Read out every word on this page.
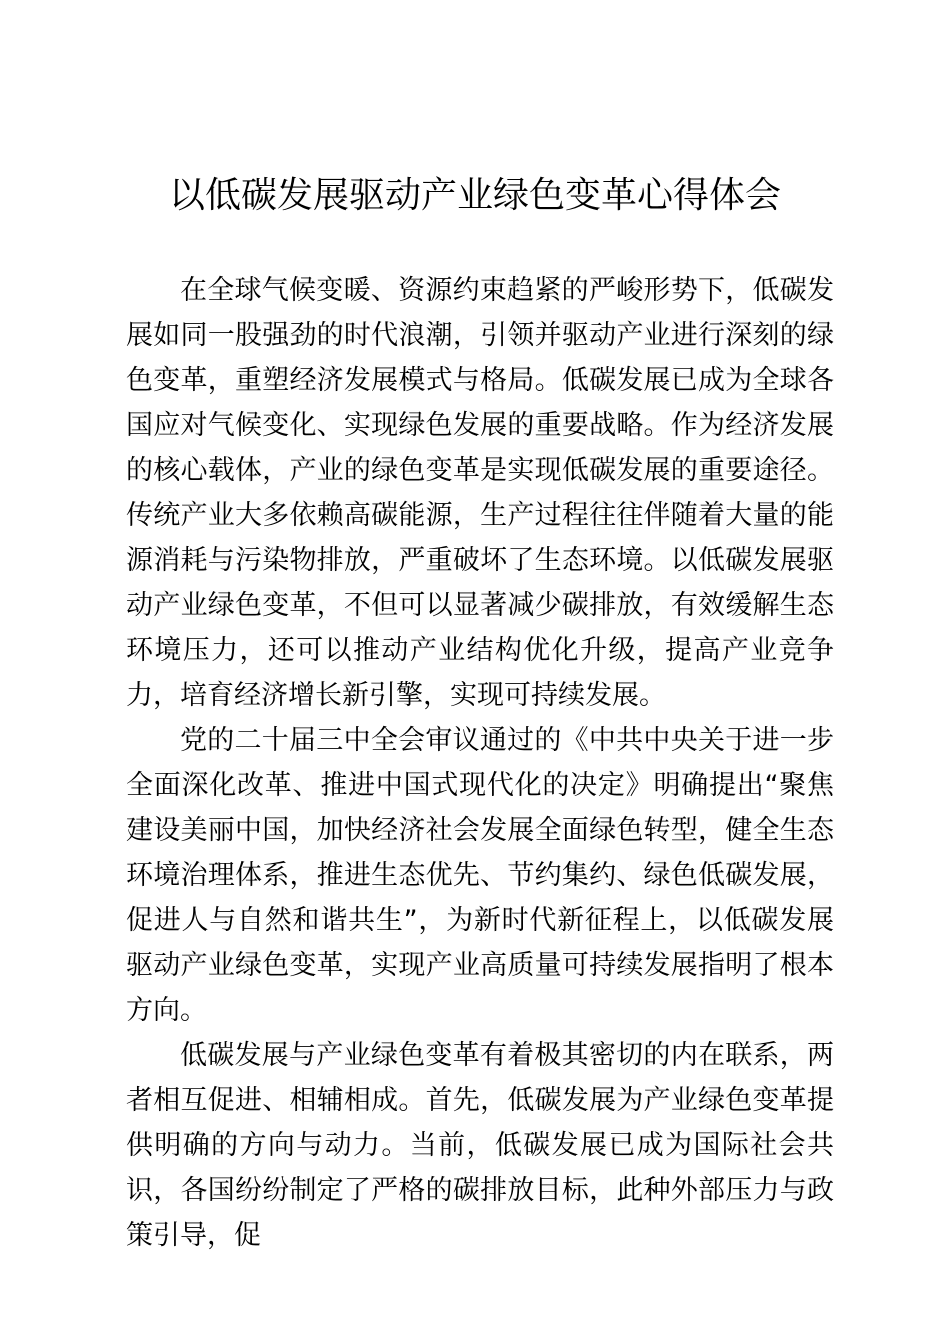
以低碳发展驱动产业绿色变革心得体会

在全球气候变暖、资源约束趋紧的严峻形势下，低碳发展如同一股强劲的时代浪潮，引领并驱动产业进行深刻的绿色变革，重塑经济发展模式与格局。低碳发展已成为全球各国应对气候变化、实现绿色发展的重要战略。作为经济发展的核心载体，产业的绿色变革是实现低碳发展的重要途径。传统产业大多依赖高碳能源，生产过程往往伴随着大量的能源消耗与污染物排放，严重破坏了生态环境。以低碳发展驱动产业绿色变革，不但可以显著减少碳排放，有效缓解生态环境压力，还可以推动产业结构优化升级，提高产业竞争力，培育经济增长新引擎，实现可持续发展。

党的二十届三中全会审议通过的《中共中央关于进一步全面深化改革、推进中国式现代化的决定》明确提出“聚焦建设美丽中国，加快经济社会发展全面绿色转型，健全生态环境治理体系，推进生态优先、节约集约、绿色低碳发展，促进人与自然和谐共生”，为新时代新征程上，以低碳发展驱动产业绿色变革，实现产业高质量可持续发展指明了根本方向。

低碳发展与产业绿色变革有着极其密切的内在联系，两者相互促进、相辅相成。首先，低碳发展为产业绿色变革提供明确的方向与动力。当前，低碳发展已成为国际社会共识，各国纷纷制定了严格的碳排放目标，此种外部压力与政策引导，促
